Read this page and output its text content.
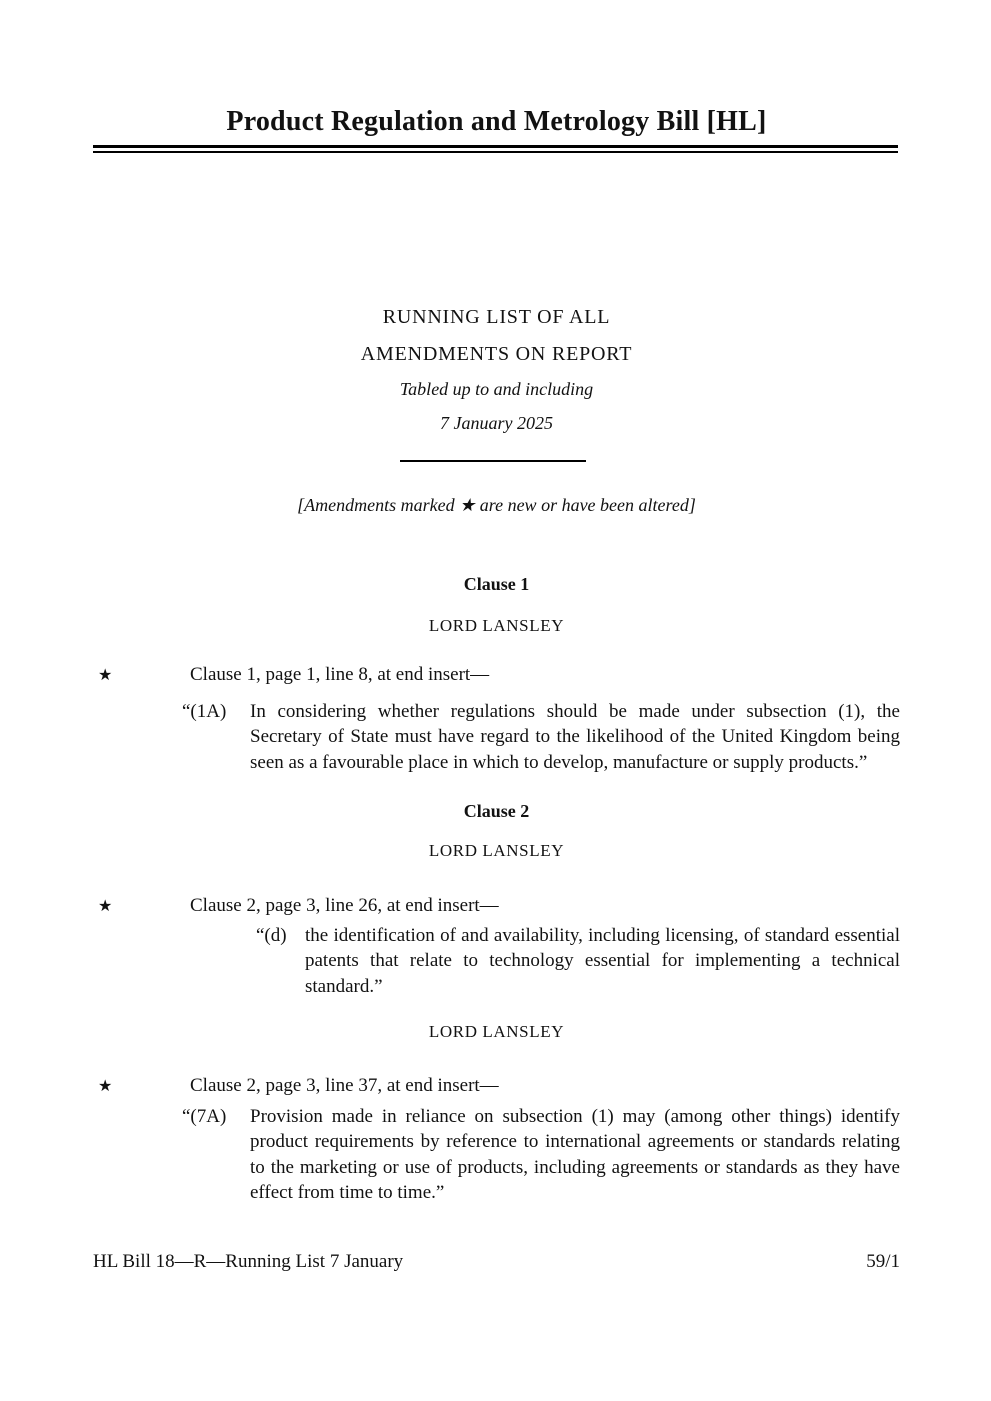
Product Regulation and Metrology Bill [HL]
RUNNING LIST OF ALL
AMENDMENTS ON REPORT
Tabled up to and including
7 January 2025
[Amendments marked ★ are new or have been altered]
Clause 1
LORD LANSLEY
★	Clause 1, page 1, line 8, at end insert—
“(1A)	In considering whether regulations should be made under subsection (1), the Secretary of State must have regard to the likelihood of the United Kingdom being seen as a favourable place in which to develop, manufacture or supply products.”
Clause 2
LORD LANSLEY
★	Clause 2, page 3, line 26, at end insert—
“(d) the identification of and availability, including licensing, of standard essential patents that relate to technology essential for implementing a technical standard.”
LORD LANSLEY
★	Clause 2, page 3, line 37, at end insert—
“(7A)	Provision made in reliance on subsection (1) may (among other things) identify product requirements by reference to international agreements or standards relating to the marketing or use of products, including agreements or standards as they have effect from time to time.”
HL Bill 18—R—Running List 7 January	59/1
